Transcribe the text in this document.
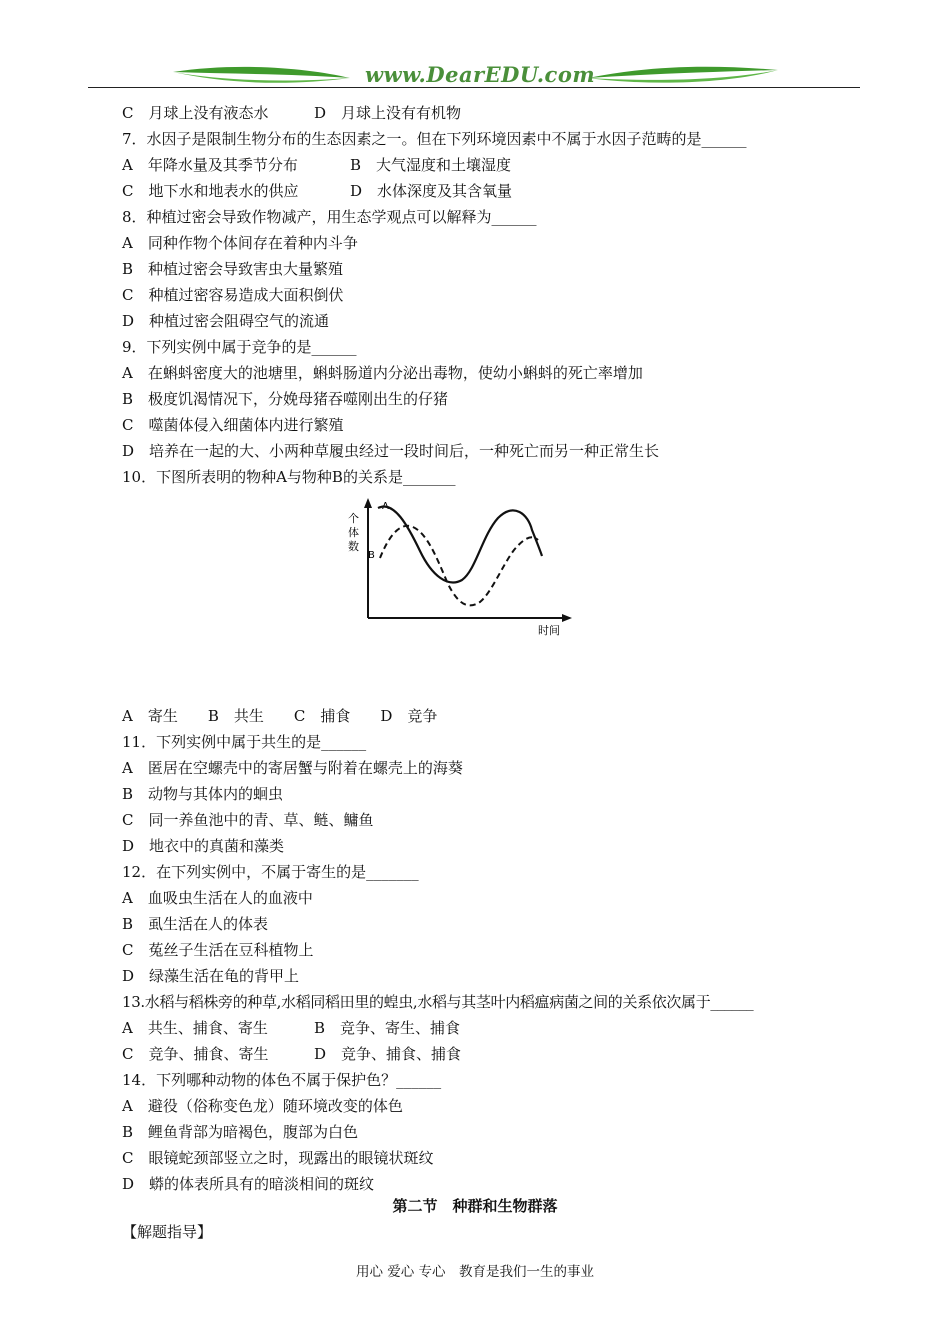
www.DearEDU.com
C　月球上没有液态水	D　月球上没有有机物
7．水因子是限制生物分布的生态因素之一。但在下列环境因素中不属于水因子范畴的是______
A　年降水量及其季节分布	B　大气湿度和土壤湿度
C　地下水和地表水的供应	D　水体深度及其含氧量
8．种植过密会导致作物减产，用生态学观点可以解释为______
A　同种作物个体间存在着种内斗争
B　种植过密会导致害虫大量繁殖
C　种植过密容易造成大面积倒伏
D　种植过密会阻碍空气的流通
9．下列实例中属于竞争的是______
A　在蝌蚪密度大的池塘里，蝌蚪肠道内分泌出毒物，使幼小蝌蚪的死亡率增加
B　极度饥渴情况下，分娩母猪吞噬刚出生的仔猪
C　噬菌体侵入细菌体内进行繁殖
D　培养在一起的大、小两种草履虫经过一段时间后，一种死亡而另一种正常生长
10．下图所表明的物种A与物种B的关系是_______
个
体
数
时间
A
B
A　寄生　　B　共生　　C　捕食　　D　竞争
11．下列实例中属于共生的是______
A　匿居在空螺壳中的寄居蟹与附着在螺壳上的海葵
B　动物与其体内的蛔虫
C　同一养鱼池中的青、草、鲢、鳙鱼
D　地衣中的真菌和藻类
12．在下列实例中，不属于寄生的是_______
A　血吸虫生活在人的血液中
B　虱生活在人的体表
C　菟丝子生活在豆科植物上
D　绿藻生活在龟的背甲上
13.水稻与稻株旁的种草,水稻同稻田里的蝗虫,水稻与其茎叶内稻瘟病菌之间的关系依次属于______
A　共生、捕食、寄生	B　竞争、寄生、捕食
C　竞争、捕食、寄生	D　竞争、捕食、捕食
14．下列哪种动物的体色不属于保护色？______
A　避役（俗称变色龙）随环境改变的体色
B　鲤鱼背部为暗褐色，腹部为白色
C　眼镜蛇颈部竖立之时，现露出的眼镜状斑纹
D　蟒的体表所具有的暗淡相间的斑纹
第二节　种群和生物群落
【解题指导】
用心 爱心 专心　教育是我们一生的事业
